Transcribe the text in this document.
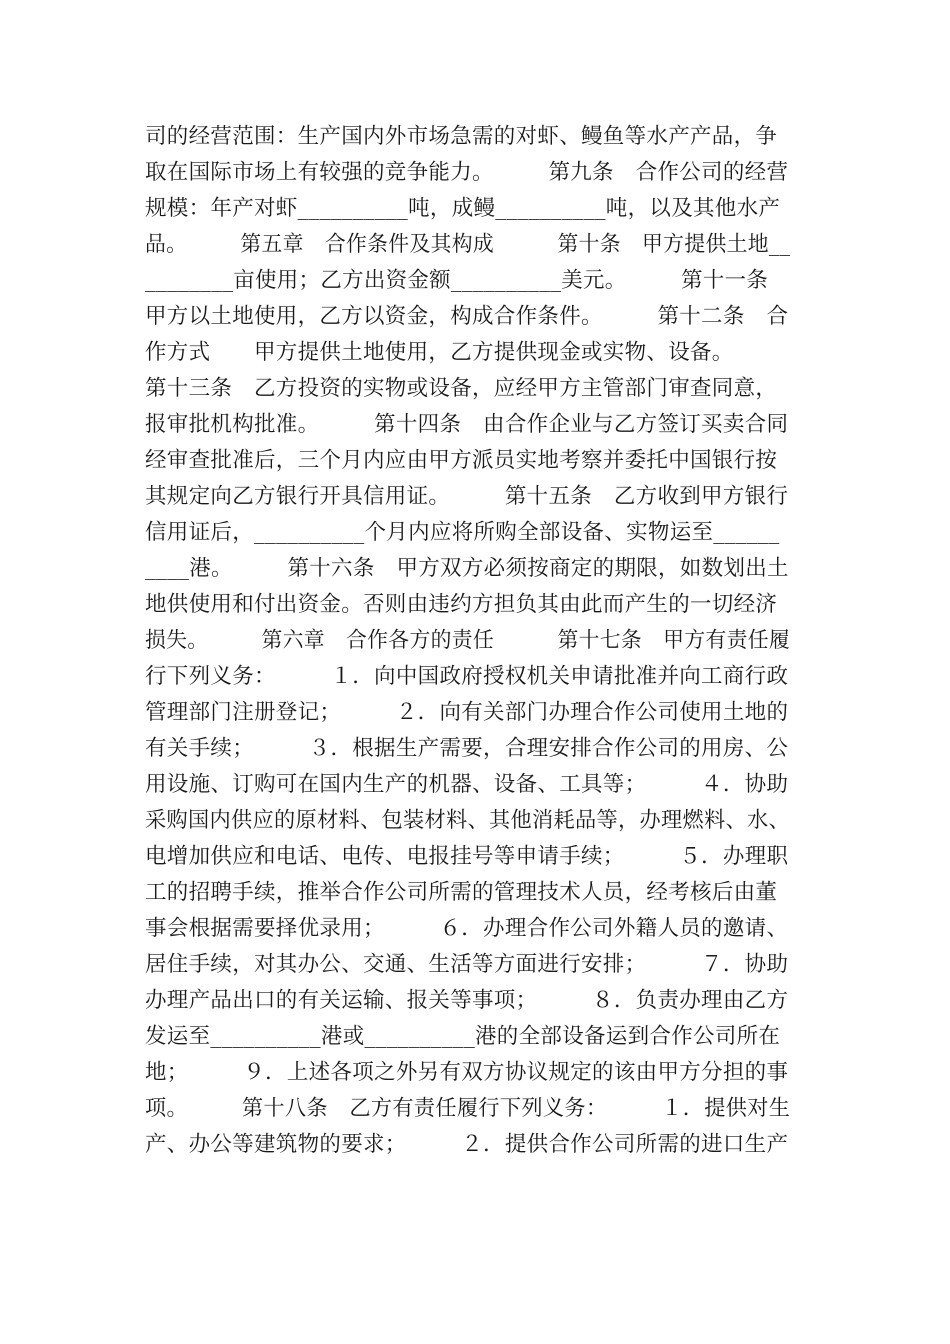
司的经营范围：生产国内外市场急需的对虾、鳗鱼等水产产品，争
取在国际市场上有较强的竞争能力。　　　第九条　合作公司的经营
规模：年产对虾__________吨，成鳗__________吨，以及其他水产
品。　　　第五章　合作条件及其构成　　　第十条　甲方提供土地__
________亩使用；乙方出资金额__________美元。　　　第十一条　
甲方以土地使用，乙方以资金，构成合作条件。　　　第十二条　合
作方式　　甲方提供土地使用，乙方提供现金或实物、设备。
第十三条　乙方投资的实物或设备，应经甲方主管部门审查同意，
报审批机构批准。　　　第十四条　由合作企业与乙方签订买卖合同
经审查批准后，三个月内应由甲方派员实地考察并委托中国银行按
其规定向乙方银行开具信用证。　　　第十五条　乙方收到甲方银行
信用证后，__________个月内应将所购全部设备、实物运至______
____港。　　　第十六条　甲方双方必须按商定的期限，如数划出土
地供使用和付出资金。否则由违约方担负其由此而产生的一切经济
损失。　　　第六章　合作各方的责任　　　第十七条　甲方有责任履
行下列义务：　　　１．向中国政府授权机关申请批准并向工商行政
管理部门注册登记；　　　２．向有关部门办理合作公司使用土地的
有关手续；　　　３．根据生产需要，合理安排合作公司的用房、公
用设施、订购可在国内生产的机器、设备、工具等；　　　４．协助
采购国内供应的原材料、包装材料、其他消耗品等，办理燃料、水、
电增加供应和电话、电传、电报挂号等申请手续；　　　５．办理职
工的招聘手续，推举合作公司所需的管理技术人员，经考核后由董
事会根据需要择优录用；　　　６．办理合作公司外籍人员的邀请、
居住手续，对其办公、交通、生活等方面进行安排；　　　７．协助
办理产品出口的有关运输、报关等事项；　　　８．负责办理由乙方
发运至__________港或__________港的全部设备运到合作公司所在
地；　　　９．上述各项之外另有双方协议规定的该由甲方分担的事
项。　　　第十八条　乙方有责任履行下列义务：　　　１．提供对生
产、办公等建筑物的要求；　　　２．提供合作公司所需的进口生产
